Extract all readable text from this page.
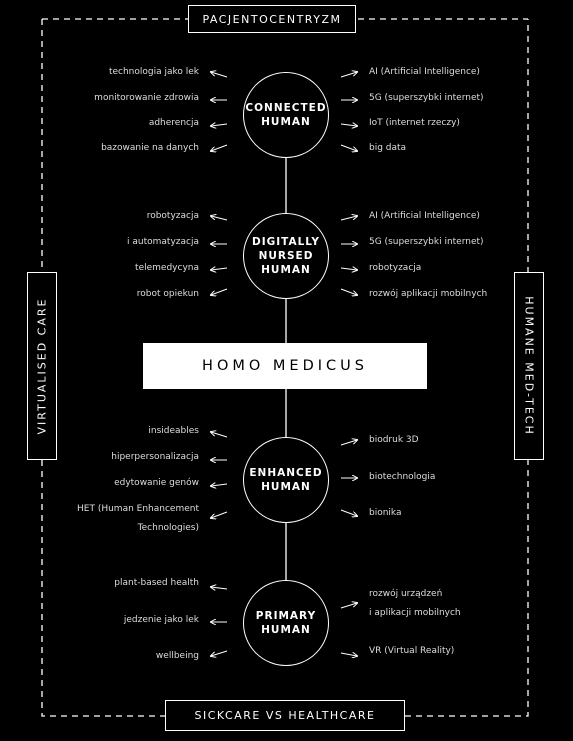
PACJENTOCENTRYZM
SICKCARE VS HEALTHCARE
VIRTUALISED CARE	HUMANE MED-TECH
HOMO MEDICUS
CONNECTED
HUMAN
technologia jako lek
monitorowanie zdrowia
adherencja
bazowanie na danych
AI (Artificial Intelligence)
5G (superszybki internet)
IoT (internet rzeczy)
big data
DIGITALLY
NURSED
HUMAN
robotyzacja
i automatyzacja
telemedycyna
robot opiekun
AI (Artificial Intelligence)
5G (superszybki internet)
robotyzacja
rozwój aplikacji mobilnych
ENHANCED
HUMAN
insideables
hiperpersonalizacja
edytowanie genów
HET (Human Enhancement
Technologies)
biodruk 3D
biotechnologia
bionika
PRIMARY
HUMAN
plant-based health
jedzenie jako lek
wellbeing
rozwój urządzeń
i aplikacji mobilnych
VR (Virtual Reality)
